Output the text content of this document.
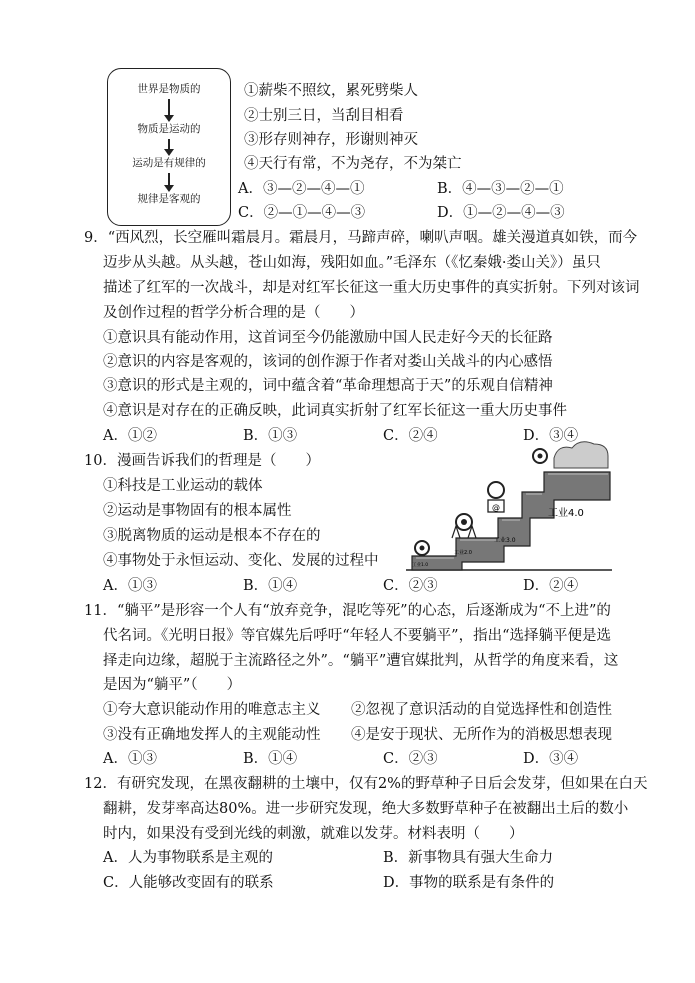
世界是物质的
物质是运动的
运动是有规律的
规律是客观的
①薪柴不照纹，累死劈柴人
②士别三日，当刮目相看
③形存则神存，形谢则神灭
④天行有常，不为尧存，不为桀亡
A．③—②—④—①	B．④—③—②—①
C．②—①—④—③	D．①—②—④—③
9．“西风烈，长空雁叫霜晨月。霜晨月，马蹄声碎，喇叭声咽。雄关漫道真如铁，而今
迈步从头越。从头越，苍山如海，残阳如血。”毛泽东（《忆秦娥·娄山关》）虽只
描述了红军的一次战斗，却是对红军长征这一重大历史事件的真实折射。下列对该词
及创作过程的哲学分析合理的是（　　）
①意识具有能动作用，这首词至今仍能激励中国人民走好今天的长征路
②意识的内容是客观的，该词的创作源于作者对娄山关战斗的内心感悟
③意识的形式是主观的，词中蕴含着“革命理想高于天”的乐观自信精神
④意识是对存在的正确反映，此词真实折射了红军长征这一重大历史事件
A．①②	B．①③	C．②④	D．③④
10．漫画告诉我们的哲理是（　　）
①科技是工业运动的载体
②运动是事物固有的根本属性
③脱离物质的运动是根本不存在的
④事物处于永恒运动、变化、发展的过程中
A．①③	B．①④	C．②③	D．②④
@
工业4.0
工业3.0
工业2.0
工业1.0
11．“躺平”是形容一个人有“放弃竞争，混吃等死”的心态，后逐渐成为“不上进”的
代名词。《光明日报》等官媒先后呼吁“年轻人不要躺平”，指出“选择躺平便是选
择走向边缘，超脱于主流路径之外”。“躺平”遭官媒批判，从哲学的角度来看，这
是因为“躺平”（　　）
①夸大意识能动作用的唯意志主义 ②忽视了意识活动的自觉选择性和创造性
③没有正确地发挥人的主观能动性 ④是安于现状、无所作为的消极思想表现
A．①③	B．①④	C．②③	D．③④
12．有研究发现，在黑夜翻耕的土壤中，仅有2%的野草种子日后会发芽，但如果在白天
翻耕，发芽率高达80%。进一步研究发现，绝大多数野草种子在被翻出土后的数小
时内，如果没有受到光线的刺激，就难以发芽。材料表明（　　）
A．人为事物联系是主观的	B．新事物具有强大生命力
C．人能够改变固有的联系	D．事物的联系是有条件的
